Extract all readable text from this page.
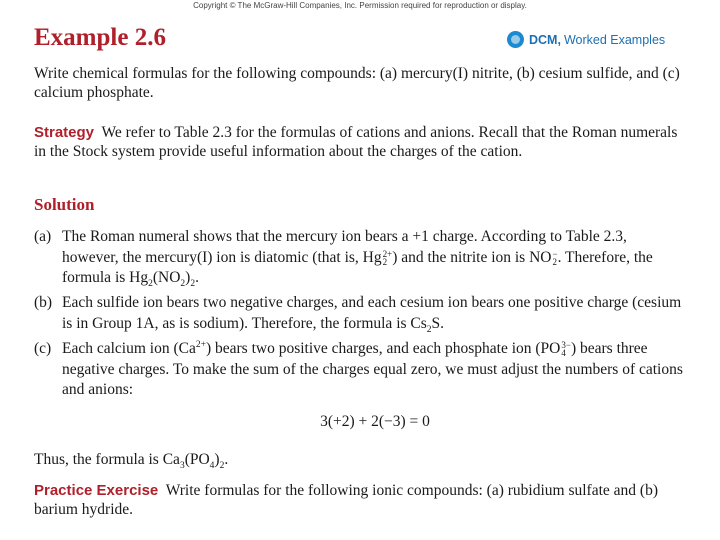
Copyright © The McGraw-Hill Companies, Inc. Permission required for reproduction or display.
Example 2.6	DCM, Worked Examples
Write chemical formulas for the following compounds: (a) mercury(I) nitrite, (b) cesium sulfide, and (c) calcium phosphate.
Strategy We refer to Table 2.3 for the formulas of cations and anions. Recall that the Roman numerals in the Stock system provide useful information about the charges of the cation.
Solution
(a) The Roman numeral shows that the mercury ion bears a +1 charge. According to Table 2.3, however, the mercury(I) ion is diatomic (that is, Hg 2+
2 ) and the nitrite ion is NO −
2 . Therefore, the formula is $Hg_2(NO_2)_2$.
(b) Each sulfide ion bears two negative charges, and each cesium ion bears one positive charge (cesium is in Group 1A, as is sodium). Therefore, the formula is $Cs_2S$.
(c) Each calcium ion $(Ca^{2+})$ bears two positive charges, and each phosphate ion (PO 3−
4 ) bears three negative charges. To make the sum of the charges equal zero, we must adjust the numbers of cations and anions:
3(+2) + 2(−3) = 0
Thus, the formula is $Ca_3(PO_4)_2$.
Practice Exercise Write formulas for the following ionic compounds: (a) rubidium sulfate and (b) barium hydride.
